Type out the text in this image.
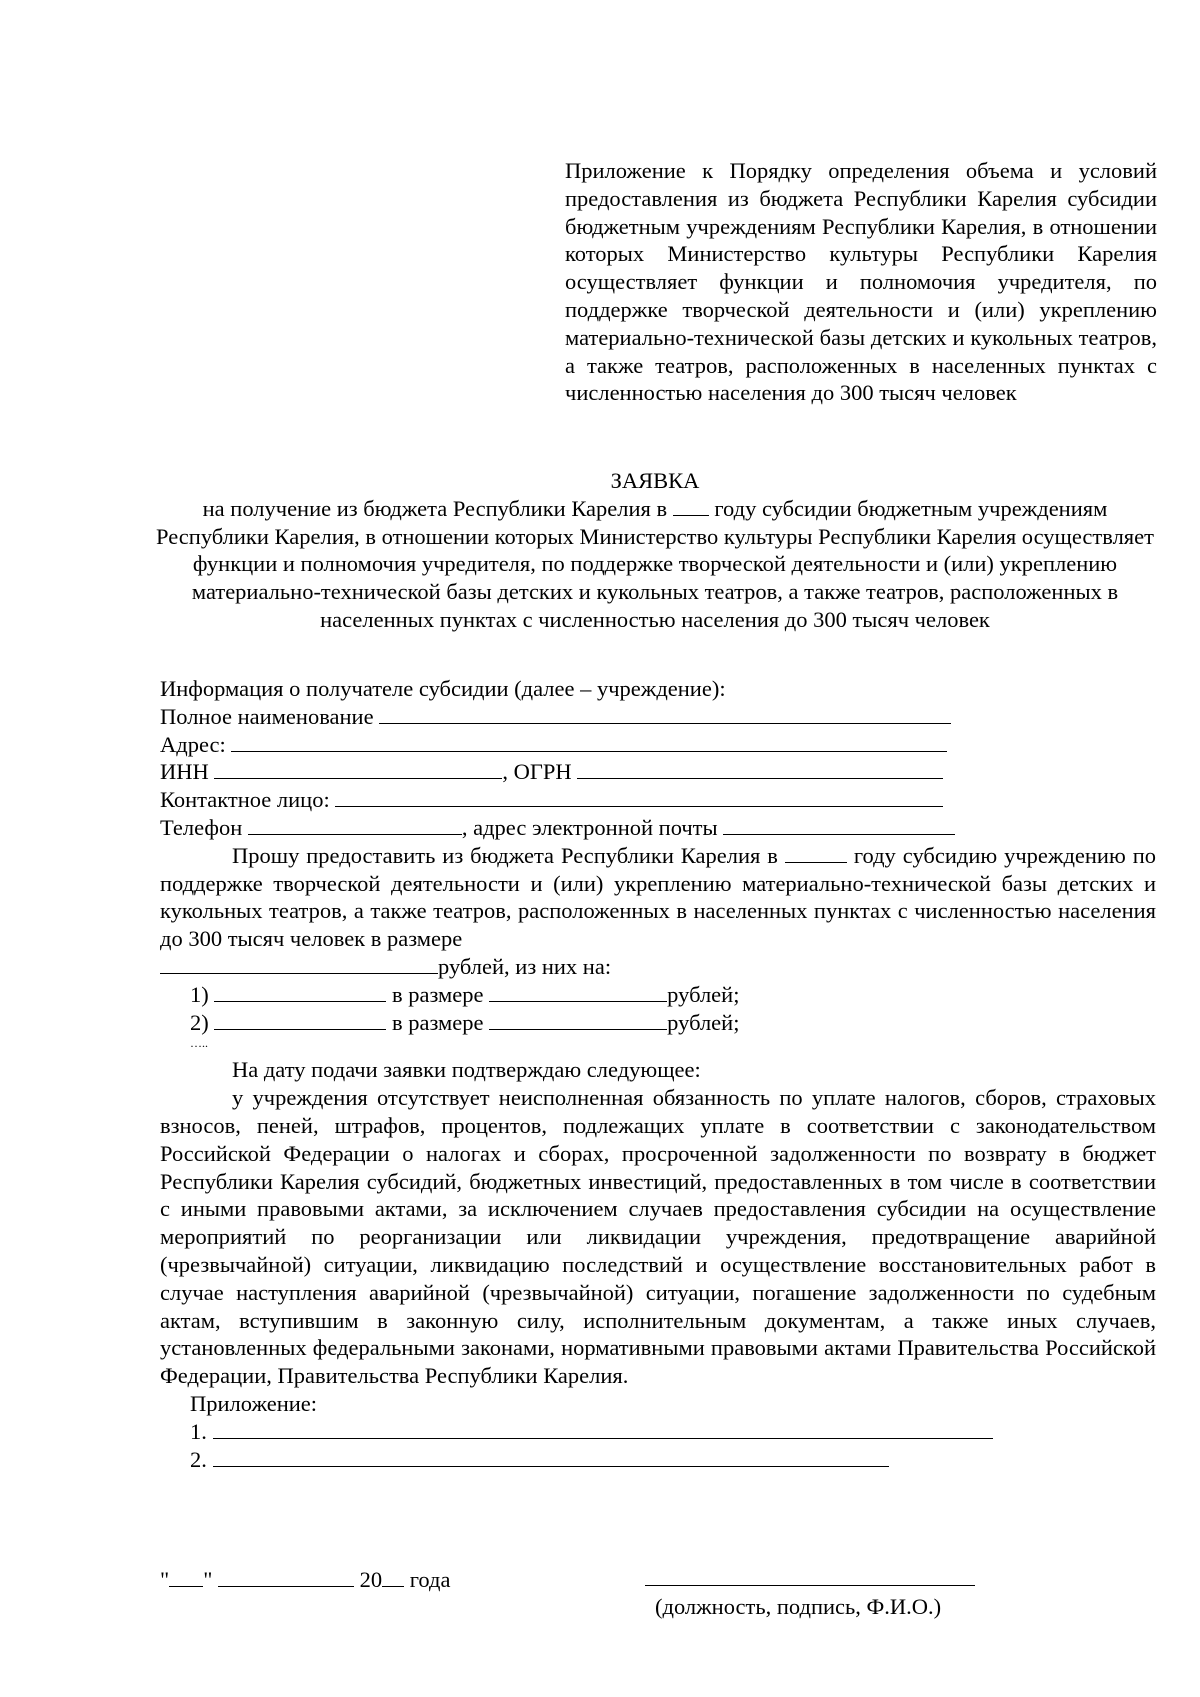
Приложение к Порядку определения объема и условий предоставления из бюджета Республики Карелия субсидии бюджетным учреждениям Республики Карелия, в отношении которых Министерство культуры Республики Карелия осуществляет функции и полномочия учредителя, по поддержке творческой деятельности и (или) укреплению материально-технической базы детских и кукольных театров, а также театров, расположенных в населенных пунктах с численностью населения до 300 тысяч человек
ЗАЯВКА
на получение из бюджета Республики Карелия в году субсидии бюджетным учреждениям Республики Карелия, в отношении которых Министерство культуры Республики Карелия осуществляет функции и полномочия учредителя, по поддержке творческой деятельности и (или) укреплению материально-технической базы детских и кукольных театров, а также театров, расположенных в населенных пунктах с численностью населения до 300 тысяч человек
Информация о получателе субсидии (далее – учреждение):
Полное наименование
Адрес:
ИНН	, ОГРН
Контактное лицо:
Телефон	, адрес электронной почты
Прошу предоставить из бюджета Республики Карелия в	году субсидию учреждению по поддержке творческой деятельности и (или) укреплению материально-технической базы детских и кукольных театров, а также театров, расположенных в населенных пунктах с численностью населения до 300 тысяч человек в размере
рублей, из них на:
1)	в размере	рублей;
2)	в размере	рублей;
…..
На дату подачи заявки подтверждаю следующее:
у учреждения отсутствует неисполненная обязанность по уплате налогов, сборов, страховых взносов, пеней, штрафов, процентов, подлежащих уплате в соответствии с законодательством Российской Федерации о налогах и сборах, просроченной задолженности по возврату в бюджет Республики Карелия субсидий, бюджетных инвестиций, предоставленных в том числе в соответствии с иными правовыми актами, за исключением случаев предоставления субсидии на осуществление мероприятий по реорганизации или ликвидации учреждения, предотвращение аварийной (чрезвычайной) ситуации, ликвидацию последствий и осуществление восстановительных работ в случае наступления аварийной (чрезвычайной) ситуации, погашение задолженности по судебным актам, вступившим в законную силу, исполнительным документам, а также иных случаев, установленных федеральными законами, нормативными правовыми актами Правительства Российской Федерации, Правительства Республики Карелия.
Приложение:
1.
2.
" "	20 года
(должность, подпись, Ф.И.О.)
